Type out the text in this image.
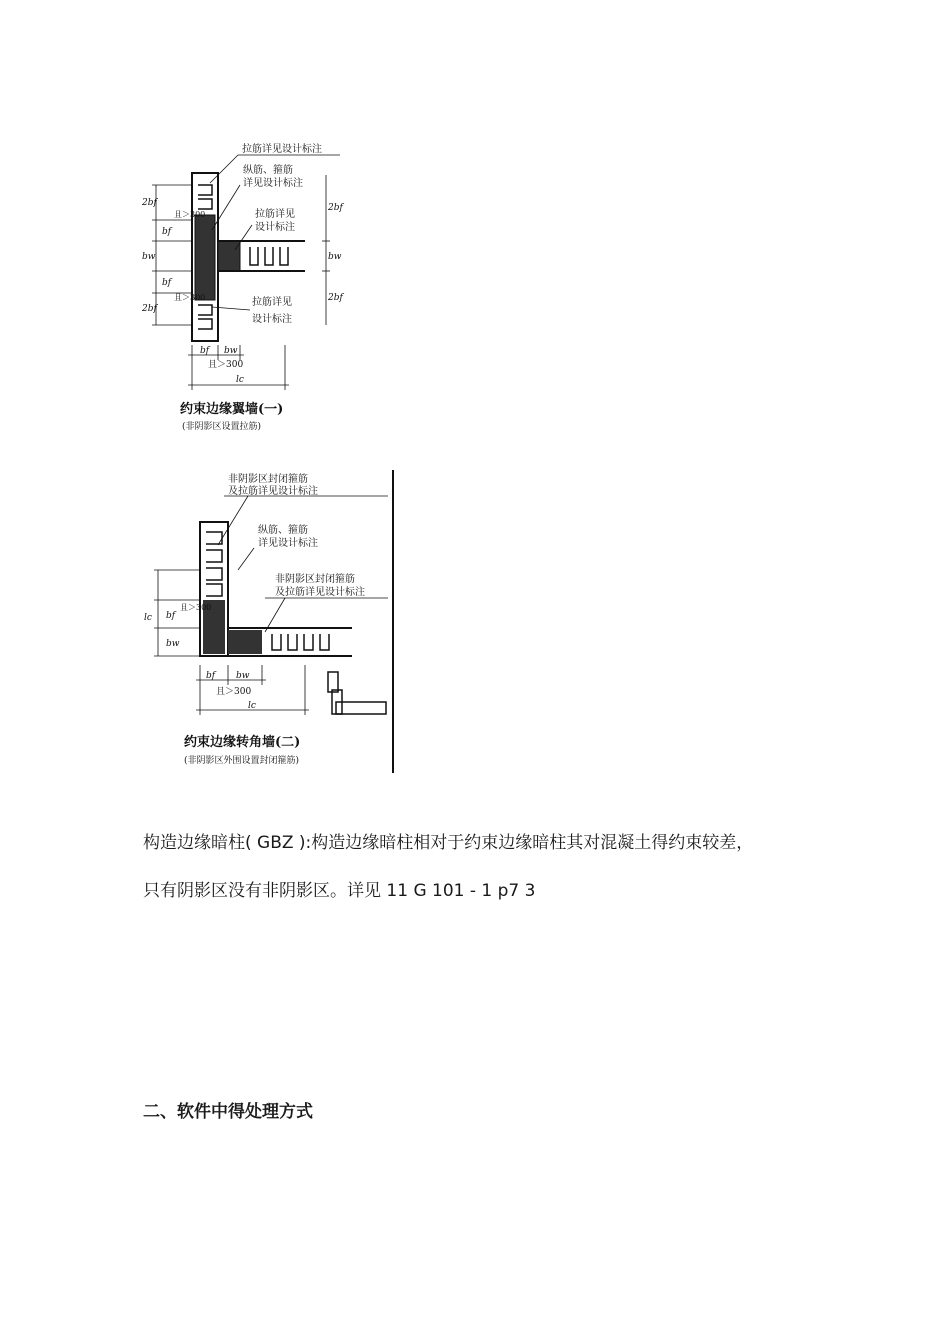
拉筋详见设计标注
纵筋、箍筋
详见设计标注
拉筋详见
设计标注
拉筋详见
设计标注
2bf
bf
bw
bf
2bf
且＞300
且＞300
2bf
bw
2bf
bf bw
且＞300
lc
约束边缘翼墙(一)
(非阴影区设置拉筋)
非阴影区封闭箍筋
及拉筋详见设计标注
纵筋、箍筋
详见设计标注
非阴影区封闭箍筋
及拉筋详见设计标注
lc bf
bw
且＞300
bf bw
且＞300
lc
约束边缘转角墙(二)
(非阴影区外围设置封闭箍筋)
构造边缘暗柱( GBZ ):构造边缘暗柱相对于约束边缘暗柱其对混凝土得约束较差，
只有阴影区没有非阴影区。详见 11 G 101 - 1 p7 3
二、软件中得处理方式
